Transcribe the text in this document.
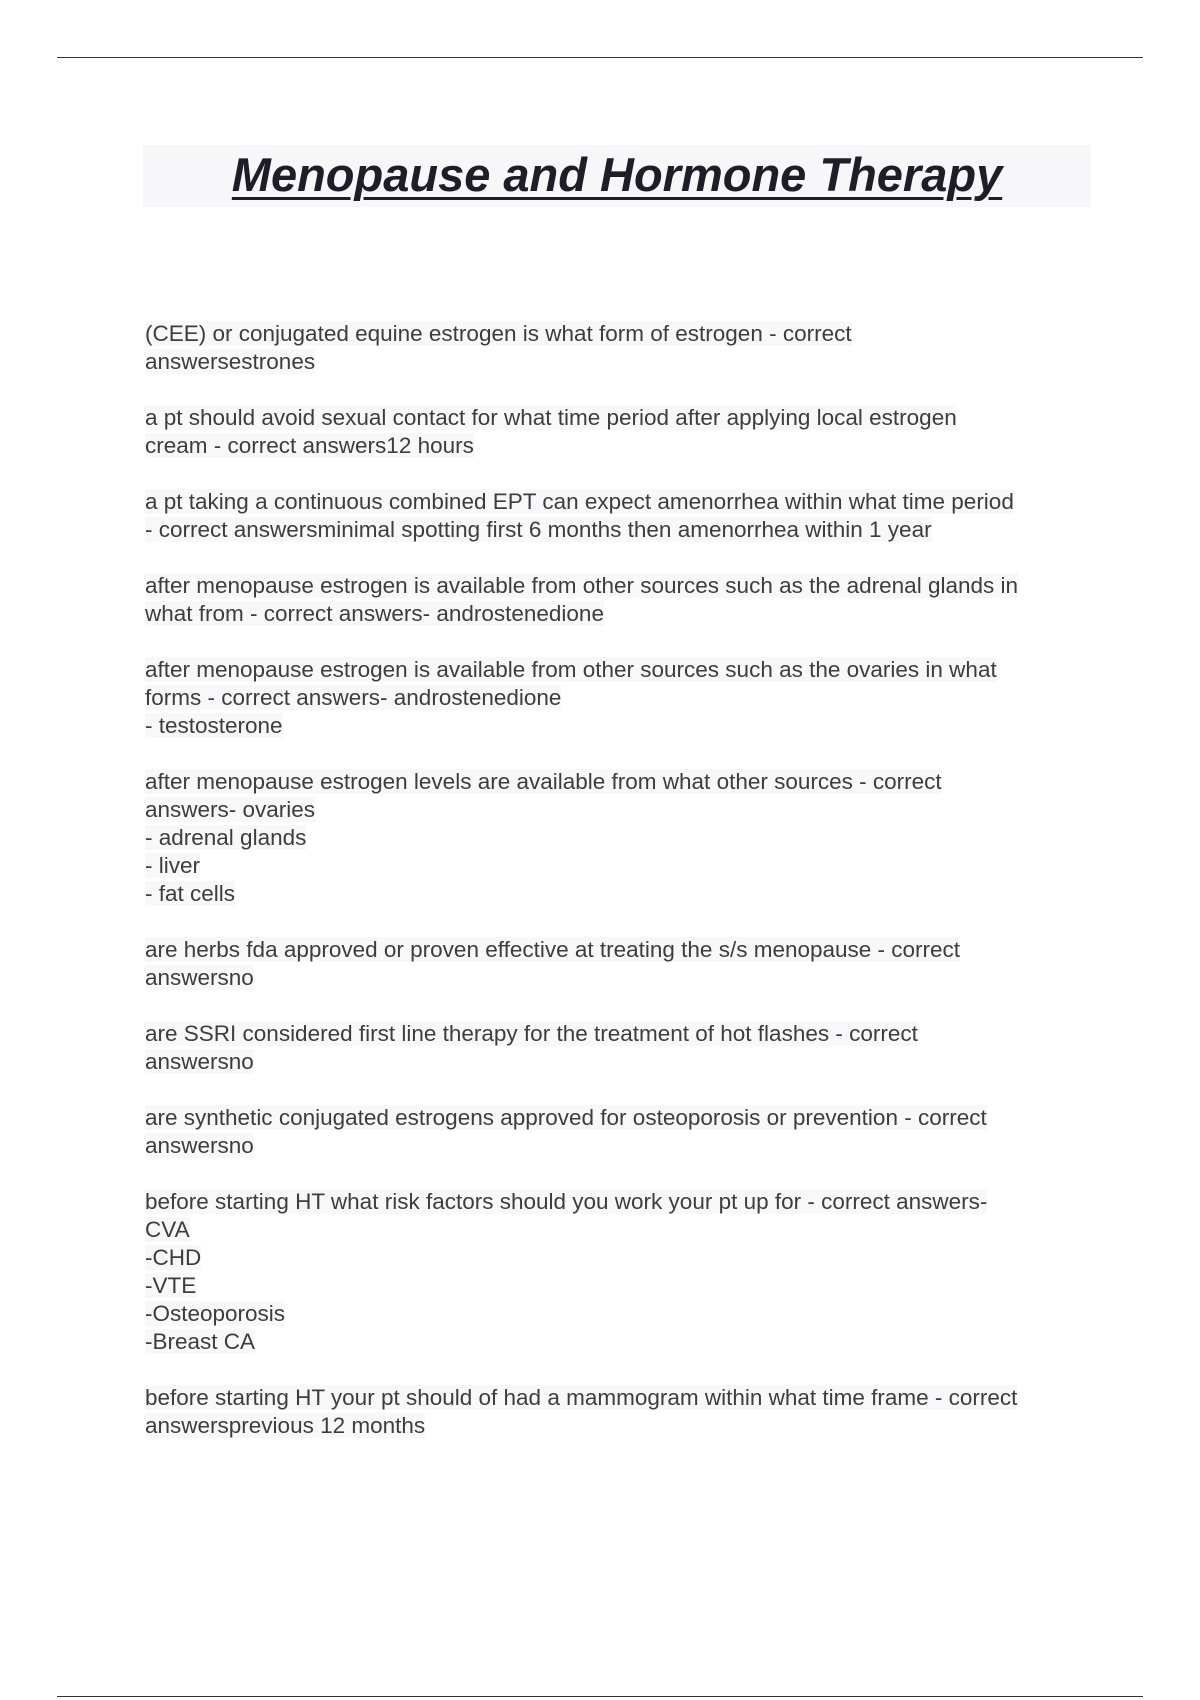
Menopause and Hormone Therapy
(CEE) or conjugated equine estrogen is what form of estrogen - correct
answersestrones
a pt should avoid sexual contact for what time period after applying local estrogen
cream - correct answers12 hours
a pt taking a continuous combined EPT can expect amenorrhea within what time period
- correct answersminimal spotting first 6 months then amenorrhea within 1 year
after menopause estrogen is available from other sources such as the adrenal glands in
what from - correct answers- androstenedione
after menopause estrogen is available from other sources such as the ovaries in what
forms - correct answers- androstenedione
- testosterone
after menopause estrogen levels are available from what other sources - correct
answers- ovaries
- adrenal glands
- liver
- fat cells
are herbs fda approved or proven effective at treating the s/s menopause - correct
answersno
are SSRI considered first line therapy for the treatment of hot flashes - correct
answersno
are synthetic conjugated estrogens approved for osteoporosis or prevention - correct
answersno
before starting HT what risk factors should you work your pt up for - correct answers-
CVA
-CHD
-VTE
-Osteoporosis
-Breast CA
before starting HT your pt should of had a mammogram within what time frame - correct
answersprevious 12 months
